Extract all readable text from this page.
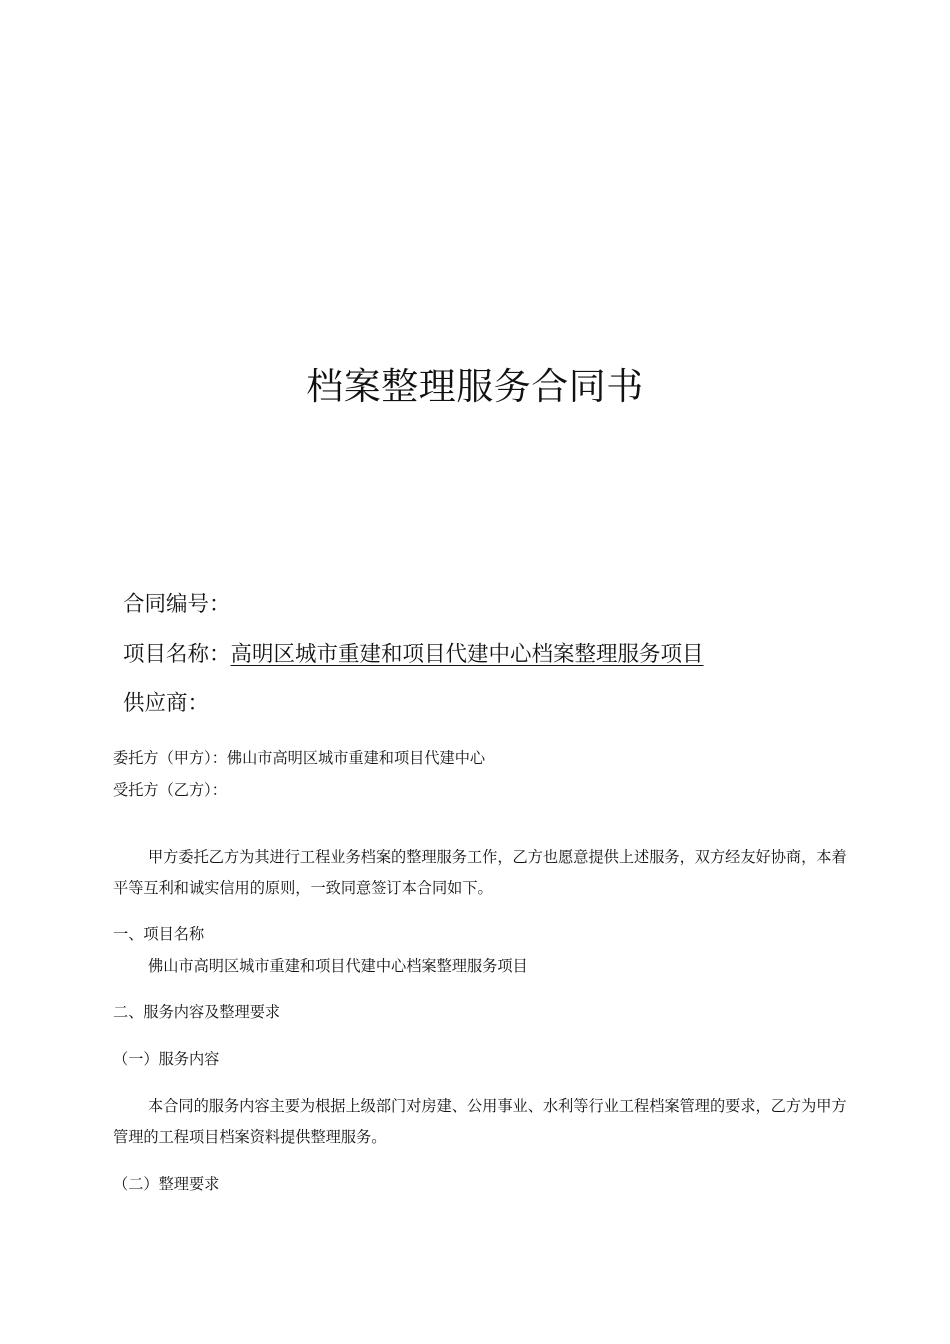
档案整理服务合同书
合同编号：
项目名称：高明区城市重建和项目代建中心档案整理服务项目
供应商：
委托方（甲方）：佛山市高明区城市重建和项目代建中心
受托方（乙方）：

甲方委托乙方为其进行工程业务档案的整理服务工作，乙方也愿意提供上述服务，双方经友好协商，本着平等互利和诚实信用的原则，一致同意签订本合同如下。

一、项目名称
佛山市高明区城市重建和项目代建中心档案整理服务项目
二、服务内容及整理要求
（一）服务内容

本合同的服务内容主要为根据上级部门对房建、公用事业、水利等行业工程档案管理的要求，乙方为甲方管理的工程项目档案资料提供整理服务。

（二）整理要求
